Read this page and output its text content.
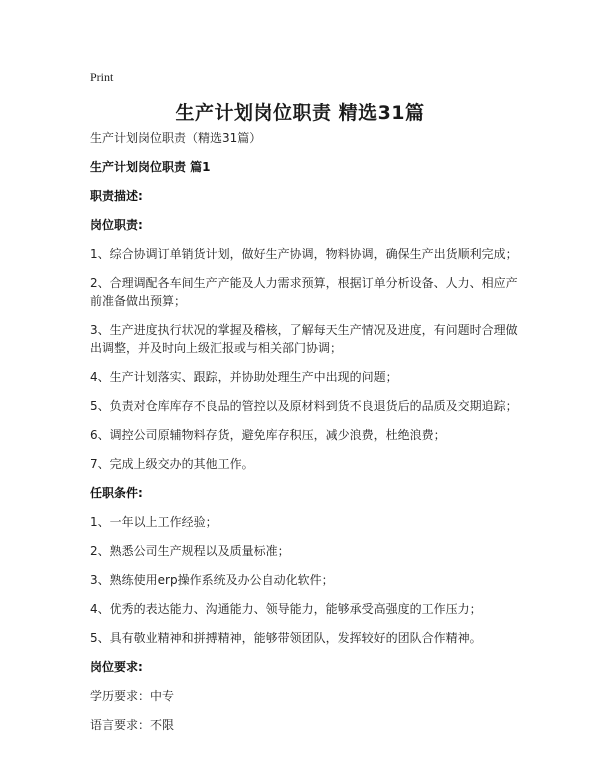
Print
生产计划岗位职责 精选31篇

生产计划岗位职责（精选31篇）

生产计划岗位职责 篇1

职责描述:

岗位职责:

1、综合协调订单销货计划，做好生产协调，物料协调，确保生产出货顺利完成；

2、合理调配各车间生产产能及人力需求预算，根据订单分析设备、人力、相应产前准备做出预算；

3、生产进度执行状况的掌握及稽核，了解每天生产情况及进度，有问题时合理做出调整，并及时向上级汇报或与相关部门协调；

4、生产计划落实、跟踪，并协助处理生产中出现的问题；

5、负责对仓库库存不良品的管控以及原材料到货不良退货后的品质及交期追踪；

6、调控公司原辅物料存货，避免库存积压，减少浪费，杜绝浪费；

7、完成上级交办的其他工作。

任职条件:

1、一年以上工作经验；

2、熟悉公司生产规程以及质量标准；

3、熟练使用erp操作系统及办公自动化软件；

4、优秀的表达能力、沟通能力、领导能力，能够承受高强度的工作压力；

5、具有敬业精神和拼搏精神，能够带领团队，发挥较好的团队合作精神。

岗位要求:

学历要求：中专

语言要求：不限
